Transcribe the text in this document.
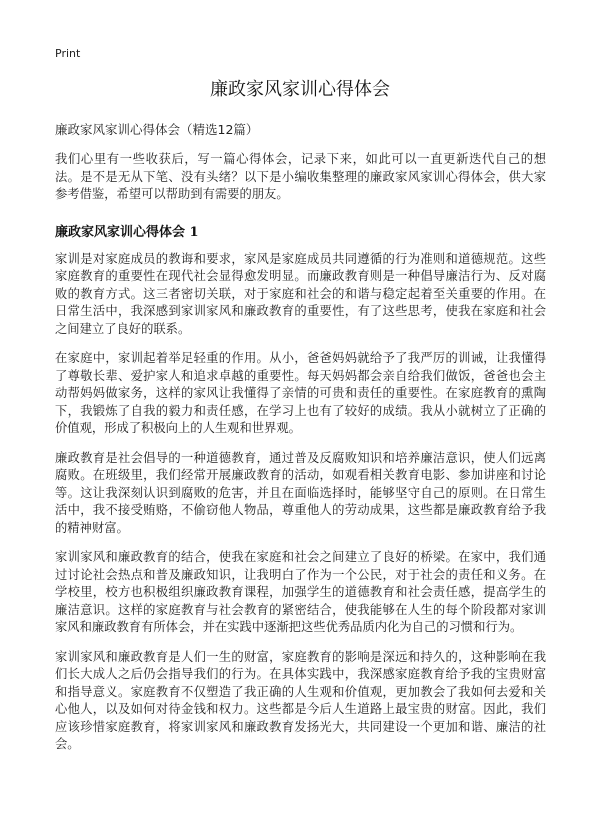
Print
廉政家风家训心得体会
廉政家风家训心得体会（精选12篇）

我们心里有一些收获后，写一篇心得体会，记录下来，如此可以一直更新迭代自己的想法。是不是无从下笔、没有头绪？以下是小编收集整理的廉政家风家训心得体会，供大家参考借鉴，希望可以帮助到有需要的朋友。

廉政家风家训心得体会 1

家训是对家庭成员的教诲和要求，家风是家庭成员共同遵循的行为准则和道德规范。这些家庭教育的重要性在现代社会显得愈发明显。而廉政教育则是一种倡导廉洁行为、反对腐败的教育方式。这三者密切关联，对于家庭和社会的和谐与稳定起着至关重要的作用。在日常生活中，我深感到家训家风和廉政教育的重要性，有了这些思考，使我在家庭和社会之间建立了良好的联系。

在家庭中，家训起着举足轻重的作用。从小，爸爸妈妈就给予了我严厉的训诫，让我懂得了尊敬长辈、爱护家人和追求卓越的重要性。每天妈妈都会亲自给我们做饭，爸爸也会主动帮妈妈做家务，这样的家风让我懂得了亲情的可贵和责任的重要性。在家庭教育的熏陶下，我锻炼了自我的毅力和责任感，在学习上也有了较好的成绩。我从小就树立了正确的价值观，形成了积极向上的人生观和世界观。

廉政教育是社会倡导的一种道德教育，通过普及反腐败知识和培养廉洁意识，使人们远离腐败。在班级里，我们经常开展廉政教育的活动，如观看相关教育电影、参加讲座和讨论等。这让我深刻认识到腐败的危害，并且在面临选择时，能够坚守自己的原则。在日常生活中，我不接受贿赂，不偷窃他人物品，尊重他人的劳动成果，这些都是廉政教育给予我的精神财富。

家训家风和廉政教育的结合，使我在家庭和社会之间建立了良好的桥梁。在家中，我们通过讨论社会热点和普及廉政知识，让我明白了作为一个公民，对于社会的责任和义务。在学校里，校方也积极组织廉政教育课程，加强学生的道德教育和社会责任感，提高学生的廉洁意识。这样的家庭教育与社会教育的紧密结合，使我能够在人生的每个阶段都对家训家风和廉政教育有所体会，并在实践中逐渐把这些优秀品质内化为自己的习惯和行为。

家训家风和廉政教育是人们一生的财富，家庭教育的影响是深远和持久的，这种影响在我们长大成人之后仍会指导我们的行为。在具体实践中，我深感家庭教育给予我的宝贵财富和指导意义。家庭教育不仅塑造了我正确的人生观和价值观，更加教会了我如何去爱和关心他人，以及如何对待金钱和权力。这些都是今后人生道路上最宝贵的财富。因此，我们应该珍惜家庭教育，将家训家风和廉政教育发扬光大，共同建设一个更加和谐、廉洁的社会。
